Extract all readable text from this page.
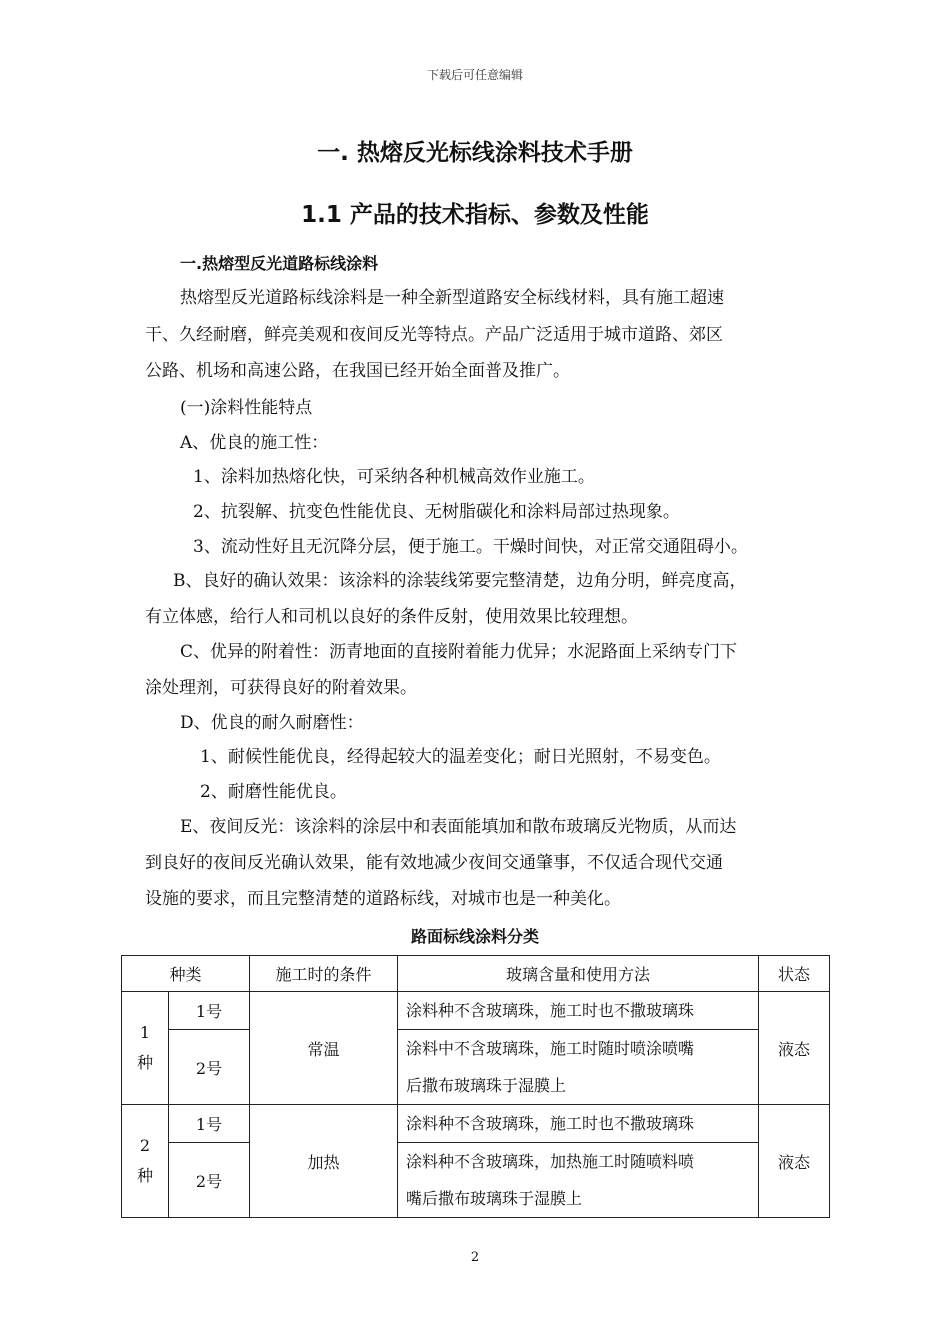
下载后可任意编辑
一. 热熔反光标线涂料技术手册
1.1 产品的技术指标、参数及性能
一.热熔型反光道路标线涂料
热熔型反光道路标线涂料是一种全新型道路安全标线材料，具有施工超速
干、久经耐磨，鲜亮美观和夜间反光等特点。产品广泛适用于城市道路、郊区
公路、机场和高速公路，在我国已经开始全面普及推广。
(一)涂料性能特点
A、优良的施工性：
1、涂料加热熔化快，可采纳各种机械高效作业施工。
2、抗裂解、抗变色性能优良、无树脂碳化和涂料局部过热现象。
3、流动性好且无沉降分层，便于施工。干燥时间快，对正常交通阻碍小。
B、良好的确认效果：该涂料的涂装线笫要完整清楚，边角分明，鲜亮度高，
有立体感，给行人和司机以良好的条件反射，使用效果比较理想。
C、优异的附着性：沥青地面的直接附着能力优异；水泥路面上采纳专门下
涂处理剂，可获得良好的附着效果。
D、优良的耐久耐磨性：
1、耐候性能优良，经得起较大的温差变化；耐日光照射，不易变色。
2、耐磨性能优良。
E、夜间反光：该涂料的涂层中和表面能填加和散布玻璃反光物质，从而达
到良好的夜间反光确认效果，能有效地减少夜间交通肇事，不仅适合现代交通
设施的要求，而且完整清楚的道路标线，对城市也是一种美化。
路面标线涂料分类
种类		施工时的条件	玻璃含量和使用方法	状态

1
种	1号	常温	涂料种不含玻璃珠，施工时也不撒玻璃珠	液态
	2号		涂料中不含玻璃珠，施工时随时喷涂喷嘴
后撒布玻璃珠于湿膜上	

2
种	1号	加热	涂料种不含玻璃珠，施工时也不撒玻璃珠	液态
	2号		涂料种不含玻璃珠，加热施工时随喷料喷
嘴后撒布玻璃珠于湿膜上	
2
